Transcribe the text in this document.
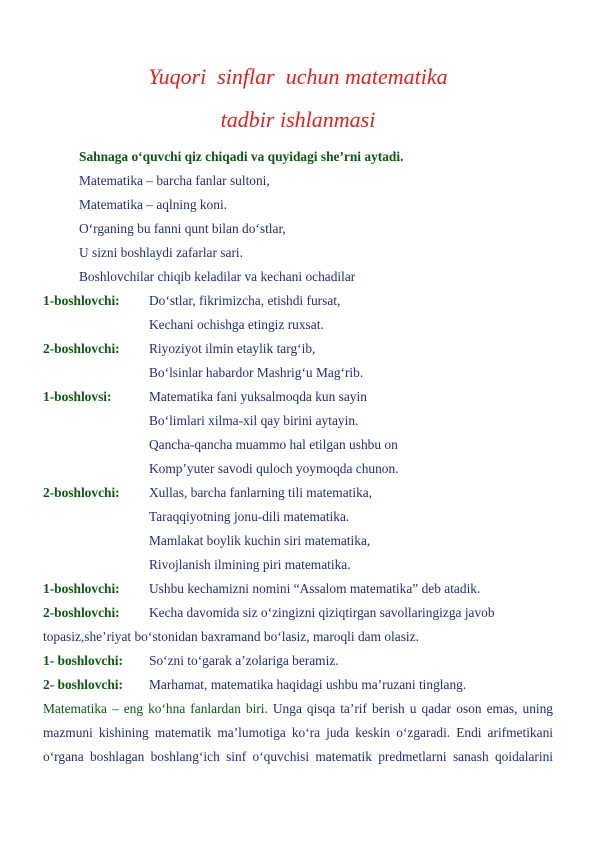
Yuqori  sinflar  uchun matematika
tadbir ishlanmasi
Sahnaga o‘quvchi qiz chiqadi va quyidagi she’rni aytadi.
Matematika – barcha fanlar sultoni,
Matematika – aqlning koni.
O‘rganing bu fanni qunt bilan do‘stlar,
U sizni boshlaydi zafarlar sari.
Boshlovchilar chiqib keladilar va kechani ochadilar
1-boshlovchi: Do‘stlar, fikrimizcha, etishdi fursat,
Kechani ochishga etingiz ruxsat.
2-boshlovchi: Riyoziyot ilmin etaylik targ‘ib,
Bo‘lsinlar habardor Mashrig‘u Mag‘rib.
1-boshlovsi:	Matematika fani yuksalmoqda kun sayin
Bo‘limlari xilma-xil qay birini aytayin.
Qancha-qancha muammo hal etilgan ushbu on
Komp’yuter savodi quloch yoymoqda chunon.
2-boshlovchi: Xullas, barcha fanlarning tili matematika,
Taraqqiyotning jonu-dili matematika.
Mamlakat boylik kuchin siri matematika,
Rivojlanish ilmining piri matematika.
1-boshlovchi: Ushbu kechamizni nomini “Assalom matematika” deb atadik.
2-boshlovchi: Kecha davomida siz o‘zingizni qiziqtirgan savollaringizga javob
topasiz,she’riyat bo‘stonidan baxramand bo‘lasiz, maroqli dam olasiz.
1- boshlovchi: So‘zni to‘garak a’zolariga beramiz.
2- boshlovchi: Marhamat, matematika haqidagi ushbu ma’ruzani tinglang.
Matematika – eng ko‘hna fanlardan biri. Unga qisqa ta’rif berish u qadar oson emas, uning
mazmuni kishining matematik ma’lumotiga ko‘ra juda keskin o‘zgaradi. Endi arifmetikani
o‘rgana boshlagan boshlang‘ich sinf o‘quvchisi matematik predmetlarni sanash qoidalarini
